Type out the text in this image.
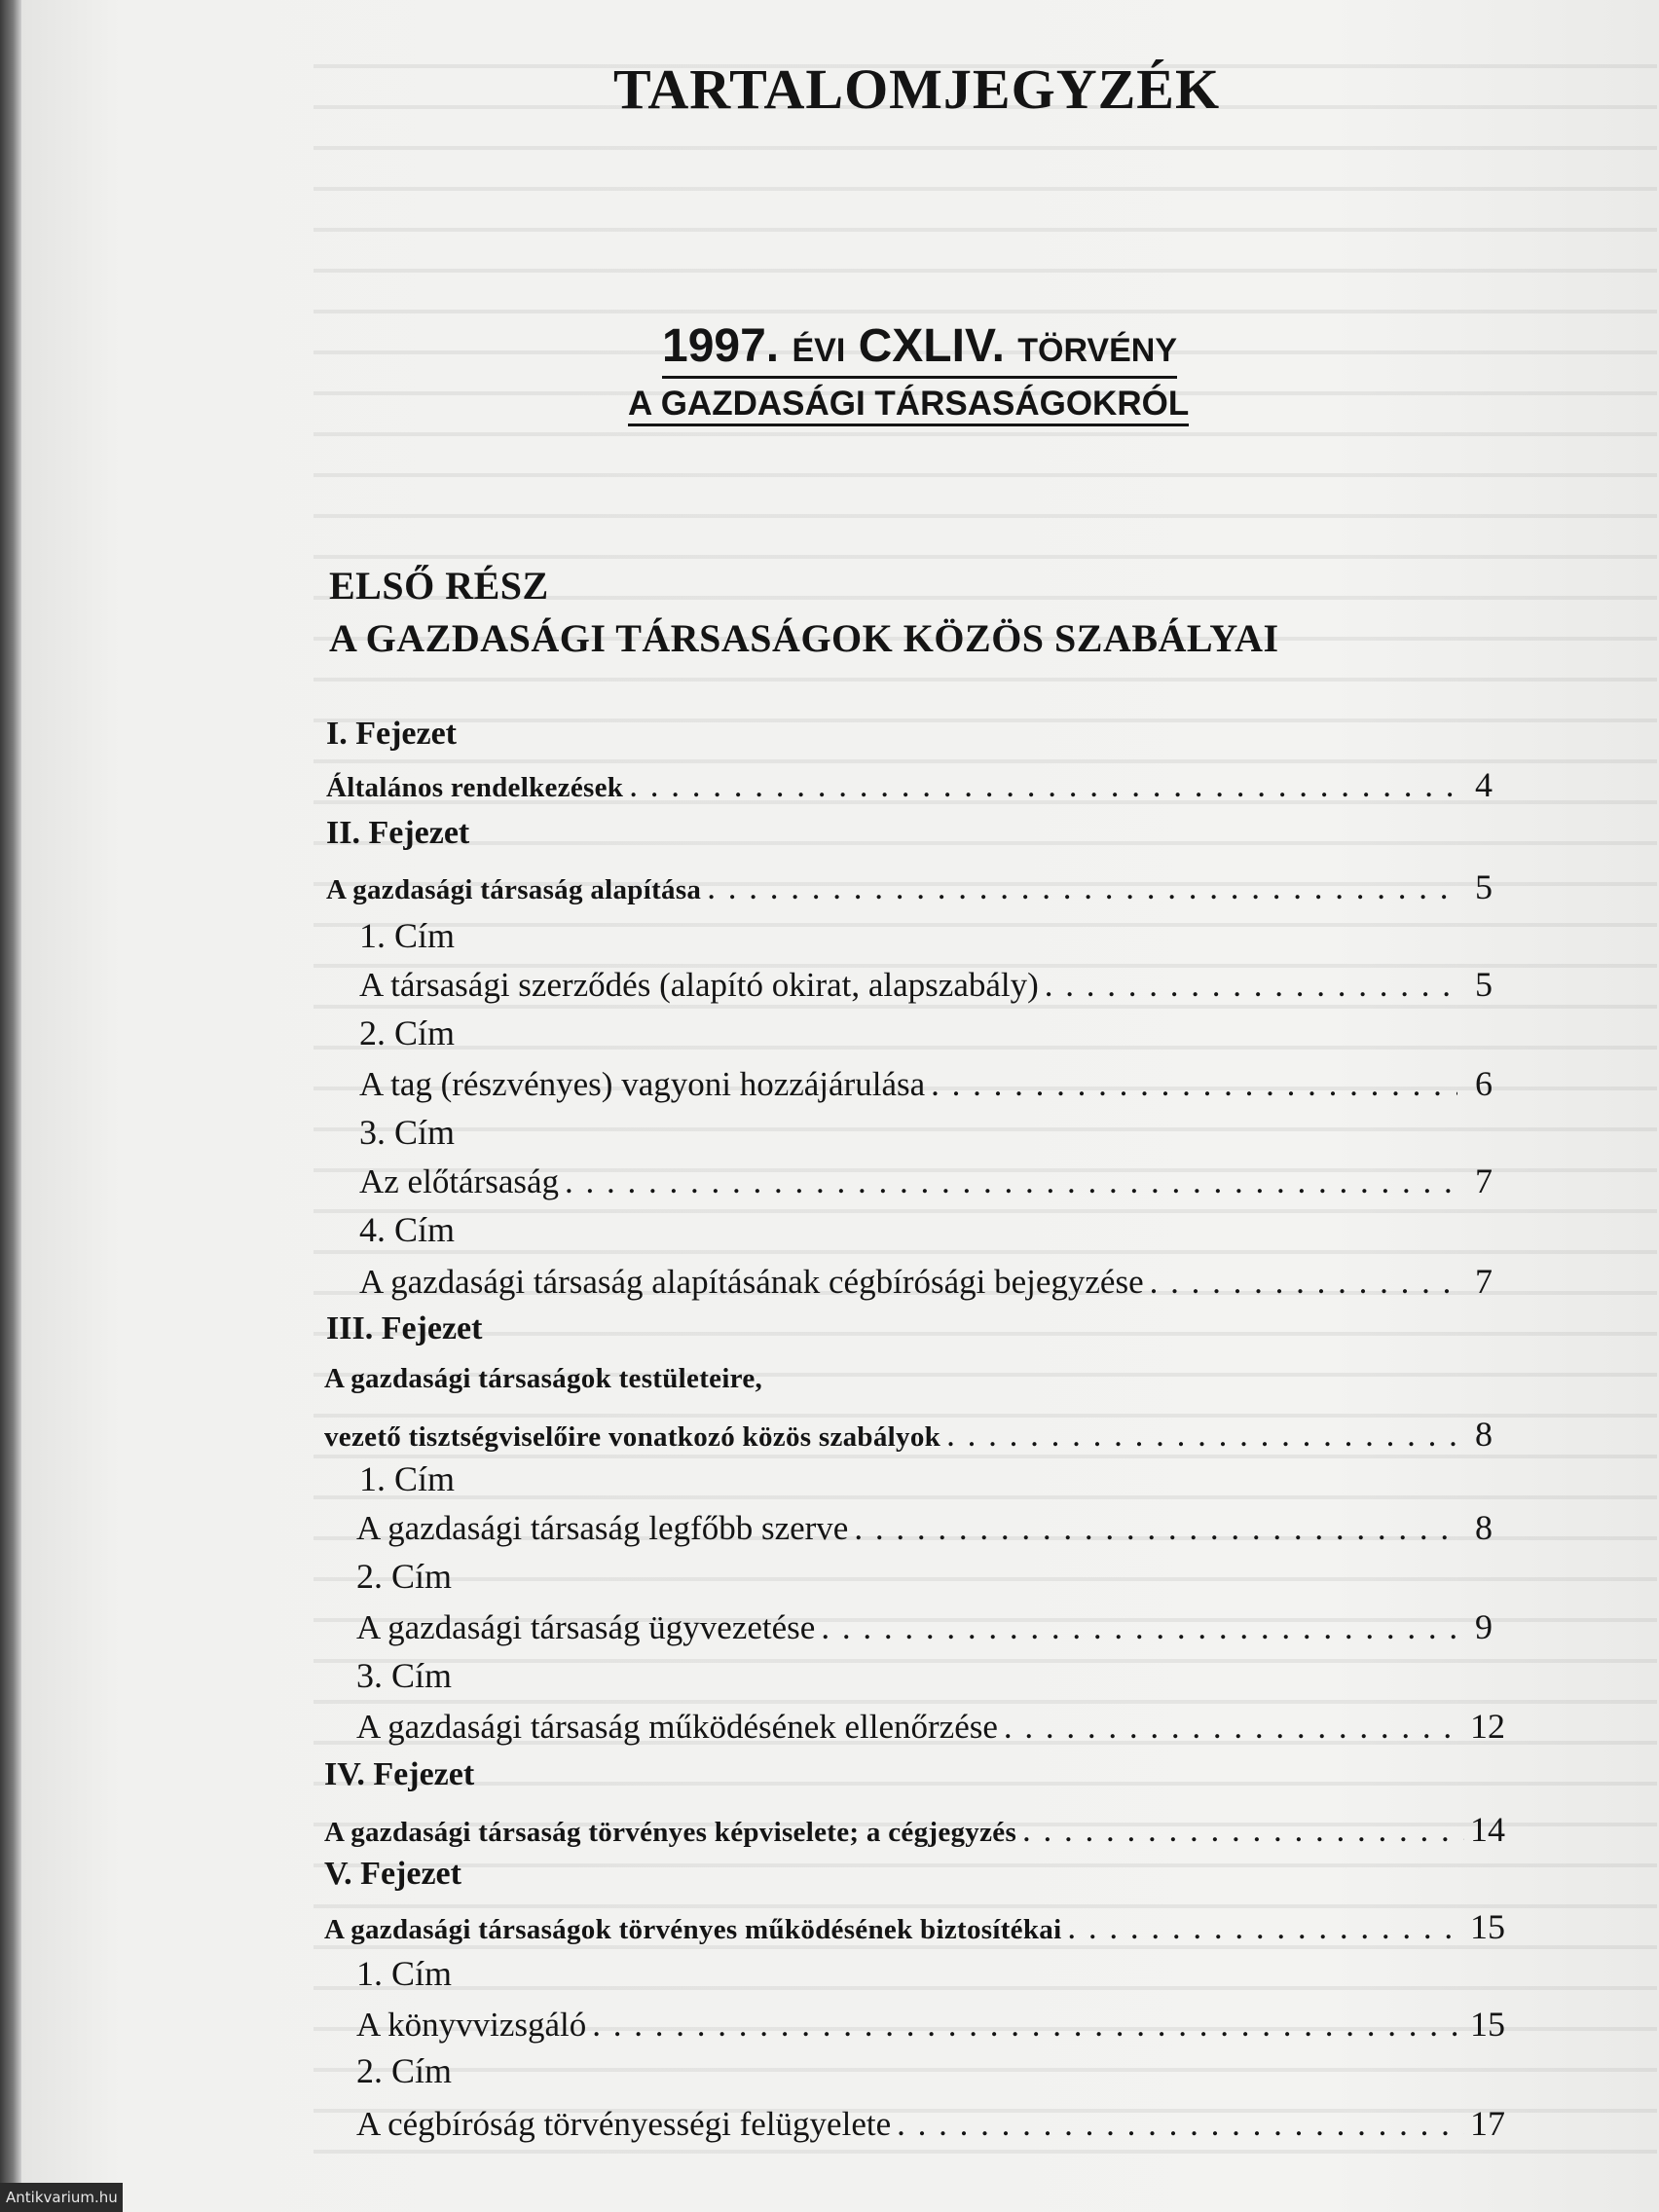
TARTALOMJEGYZÉK
1997. ÉVI CXLIV. TÖRVÉNY
A GAZDASÁGI TÁRSASÁGOKRÓL
ELSŐ RÉSZ
A GAZDASÁGI TÁRSASÁGOK KÖZÖS SZABÁLYAI
I. Fejezet
Általános rendelkezések . . .	4
II. Fejezet
A gazdasági társaság alapítása . . .	5
1. Cím
A társasági szerződés (alapító okirat, alapszabály) . . .	5
2. Cím
A tag (részvényes) vagyoni hozzájárulása . . .	6
3. Cím
Az előtársaság . . .	7
4. Cím
A gazdasági társaság alapításának cégbírósági bejegyzése . . .	7
III. Fejezet
A gazdasági társaságok testületeire,
vezető tisztségviselőire vonatkozó közös szabályok . . .	8
1. Cím
A gazdasági társaság legfőbb szerve . . .	8
2. Cím
A gazdasági társaság ügyvezetése . . .	9
3. Cím
A gazdasági társaság működésének ellenőrzése . . .	12
IV. Fejezet
A gazdasági társaság törvényes képviselete; a cégjegyzés . . .	14
V. Fejezet
A gazdasági társaságok törvényes működésének biztosítékai . . .	15
1. Cím
A könyvvizsgáló . . .	15
2. Cím
A cégbíróság törvényességi felügyelete . . .	17
Antikvarium.hu
